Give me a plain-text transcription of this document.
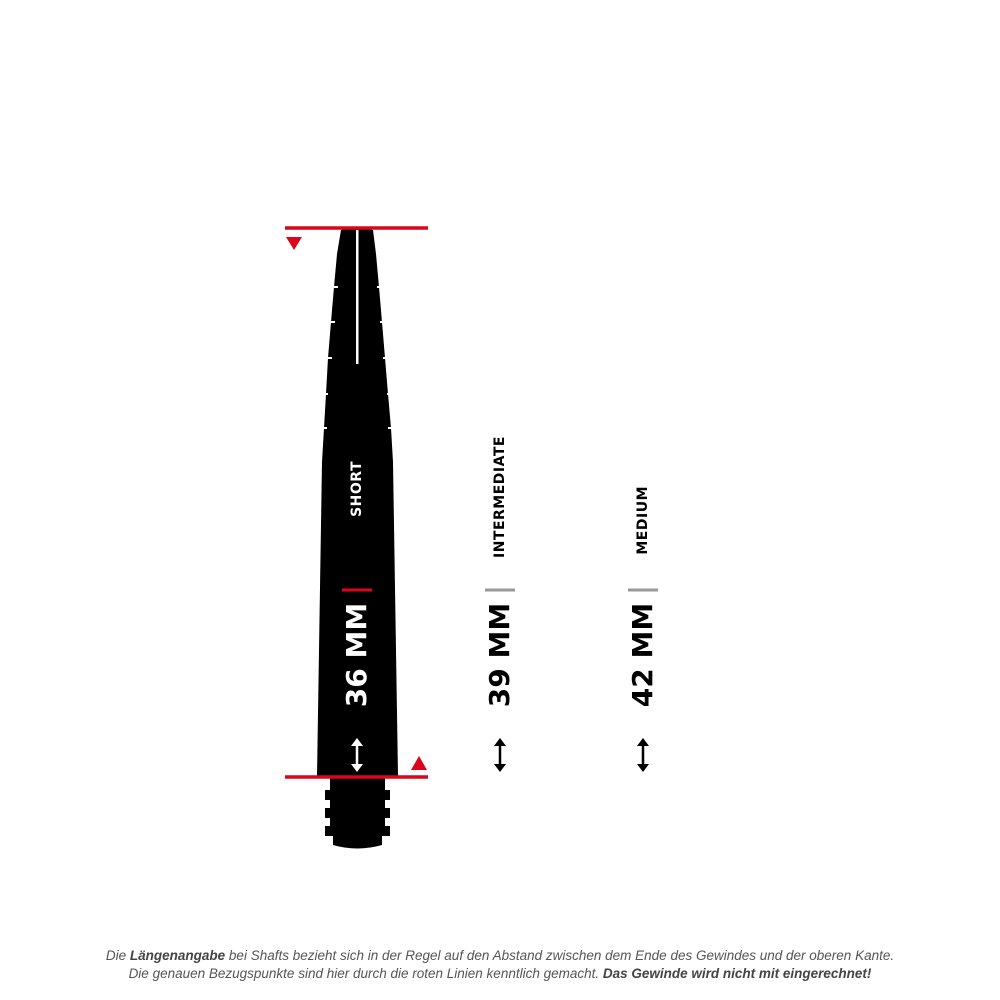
SHORT	INTERMEDIATE	MEDIUM
36 MM	39 MM	42 MM
Die Längenangabe bei Shafts bezieht sich in der Regel auf den Abstand zwischen dem Ende des Gewindes und der oberen Kante.
Die genauen Bezugspunkte sind hier durch die roten Linien kenntlich gemacht. Das Gewinde wird nicht mit eingerechnet!
